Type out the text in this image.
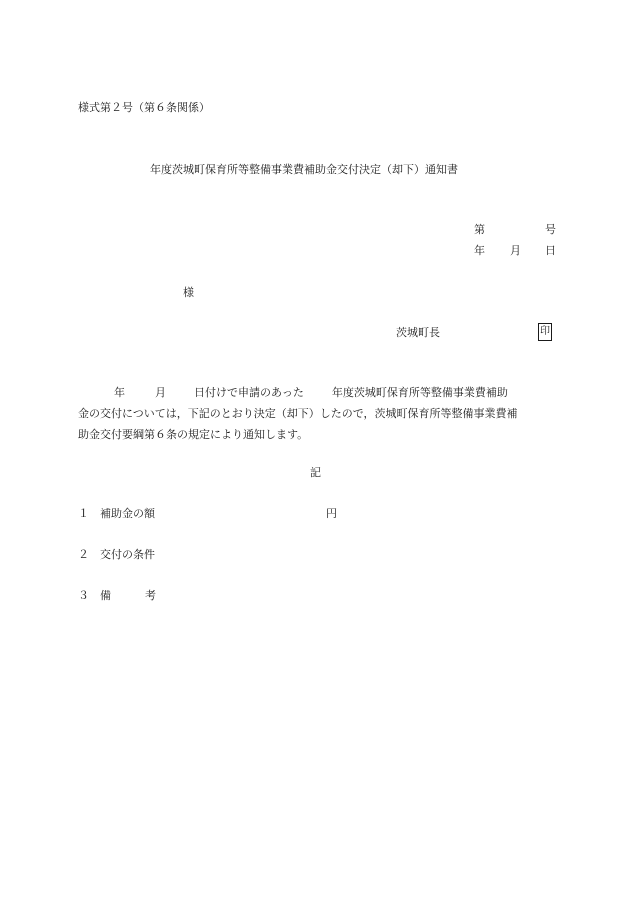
様式第２号（第６条関係）
年度茨城町保育所等整備事業費補助金交付決定（却下）通知書
第	号
年 月 日
様
茨城町長	印
年	月	日付けで申請のあった	年度茨城町保育所等整備事業費補助
金の交付については，下記のとおり決定（却下）したので，茨城町保育所等整備事業費補
助金交付要綱第６条の規定により通知します。
記
１ 補助金の額	円
２ 交付の条件
３ 備	考
